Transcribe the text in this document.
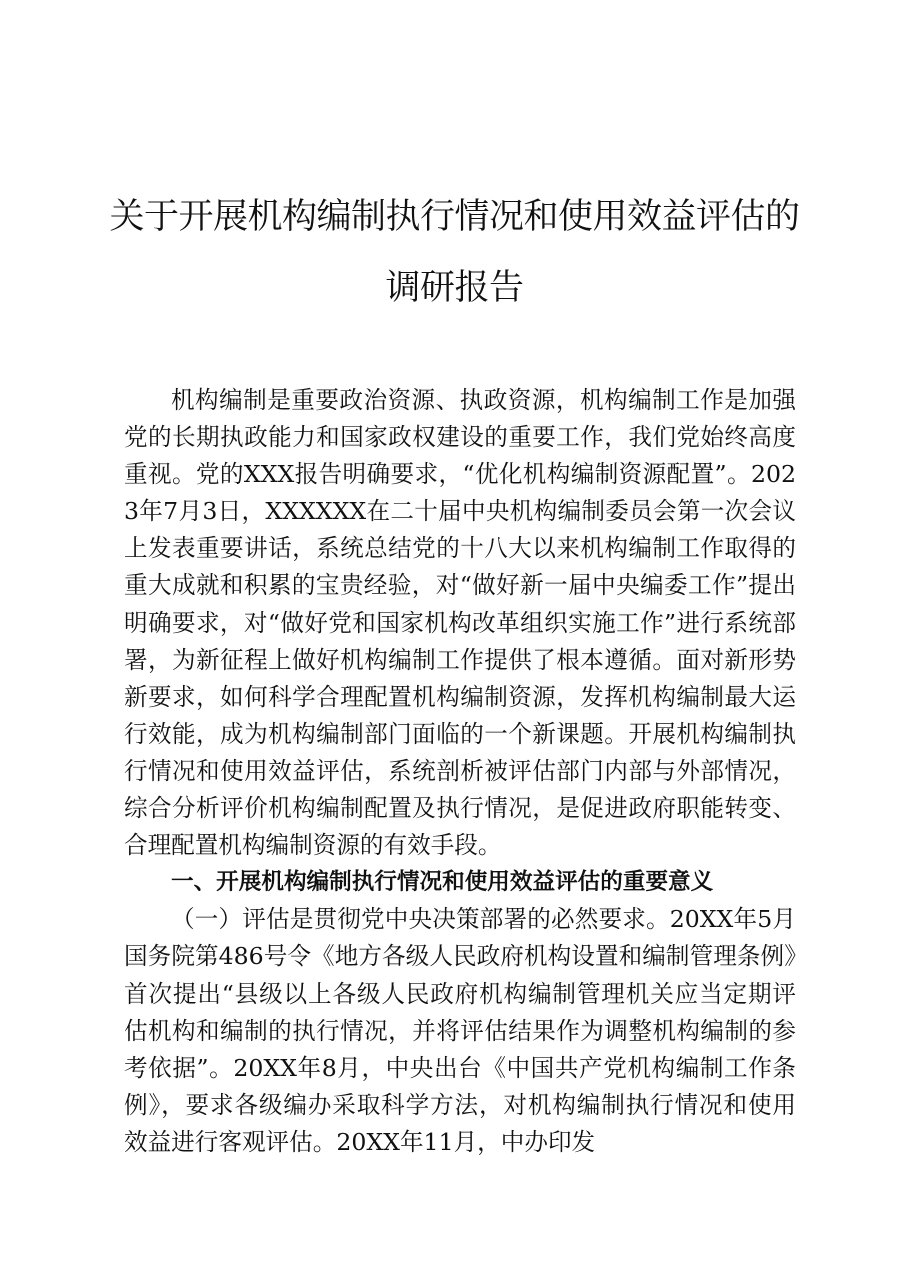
关于开展机构编制执行情况和使用效益评估的
调研报告

机构编制是重要政治资源、执政资源，机构编制工作是加强党的长期执政能力和国家政权建设的重要工作，我们党始终高度重视。党的XXX报告明确要求，“优化机构编制资源配置”。2023年7月3日，XXXXXX在二十届中央机构编制委员会第一次会议上发表重要讲话，系统总结党的十八大以来机构编制工作取得的重大成就和积累的宝贵经验，对“做好新一届中央编委工作”提出明确要求，对“做好党和国家机构改革组织实施工作”进行系统部署，为新征程上做好机构编制工作提供了根本遵循。面对新形势新要求，如何科学合理配置机构编制资源，发挥机构编制最大运行效能，成为机构编制部门面临的一个新课题。开展机构编制执行情况和使用效益评估，系统剖析被评估部门内部与外部情况，综合分析评价机构编制配置及执行情况，是促进政府职能转变、合理配置机构编制资源的有效手段。

一、开展机构编制执行情况和使用效益评估的重要意义

（一）评估是贯彻党中央决策部署的必然要求。20XX年5月国务院第486号令《地方各级人民政府机构设置和编制管理条例》首次提出“县级以上各级人民政府机构编制管理机关应当定期评估机构和编制的执行情况，并将评估结果作为调整机构编制的参考依据”。20XX年8月，中央出台《中国共产党机构编制工作条例》，要求各级编办采取科学方法，对机构编制执行情况和使用效益进行客观评估。20XX年11月，中办印发
